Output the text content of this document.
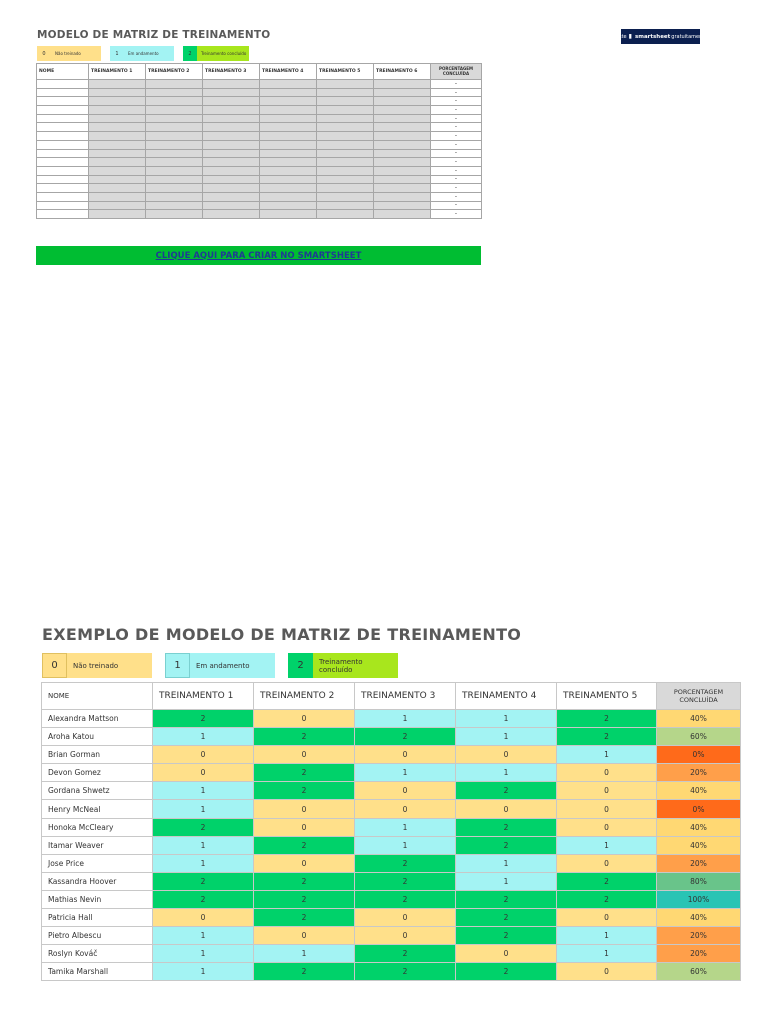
MODELO DE MATRIZ DE TREINAMENTO	Teste ▮ smartsheet gratuitamente
0	Não treinado	1	Em andamento	2	Treinamento concluído
NOME	TREINAMENTO 1	TREINAMENTO 2	TREINAMENTO 3	TREINAMENTO 4	TREINAMENTO 5	TREINAMENTO 6	PORCENTAGEM CONCLUÍDA
							-
							-
							-
							-
							-
							-
							-
							-
							-
							-
							-
							-
							-
							-
							-
							-
CLIQUE AQUI PARA CRIAR NO SMARTSHEET
EXEMPLO DE MODELO DE MATRIZ DE TREINAMENTO
0	Não treinado	1	Em andamento	2	Treinamento concluído
NOME	TREINAMENTO 1	TREINAMENTO 2	TREINAMENTO 3	TREINAMENTO 4	TREINAMENTO 5	PORCENTAGEM CONCLUÍDA
Alexandra Mattson	2	0	1	1	2	40%
Aroha Katou	1	2	2	1	2	60%
Brian Gorman	0	0	0	0	1	0%
Devon Gomez	0	2	1	1	0	20%
Gordana Shwetz	1	2	0	2	0	40%
Henry McNeal	1	0	0	0	0	0%
Honoka McCleary	2	0	1	2	0	40%
Itamar Weaver	1	2	1	2	1	40%
Jose Price	1	0	2	1	0	20%
Kassandra Hoover	2	2	2	1	2	80%
Mathias Nevin	2	2	2	2	2	100%
Patricia Hall	0	2	0	2	0	40%
Pietro Albescu	1	0	0	2	1	20%
Roslyn Kováč	1	1	2	0	1	20%
Tamika Marshall	1	2	2	2	0	60%
